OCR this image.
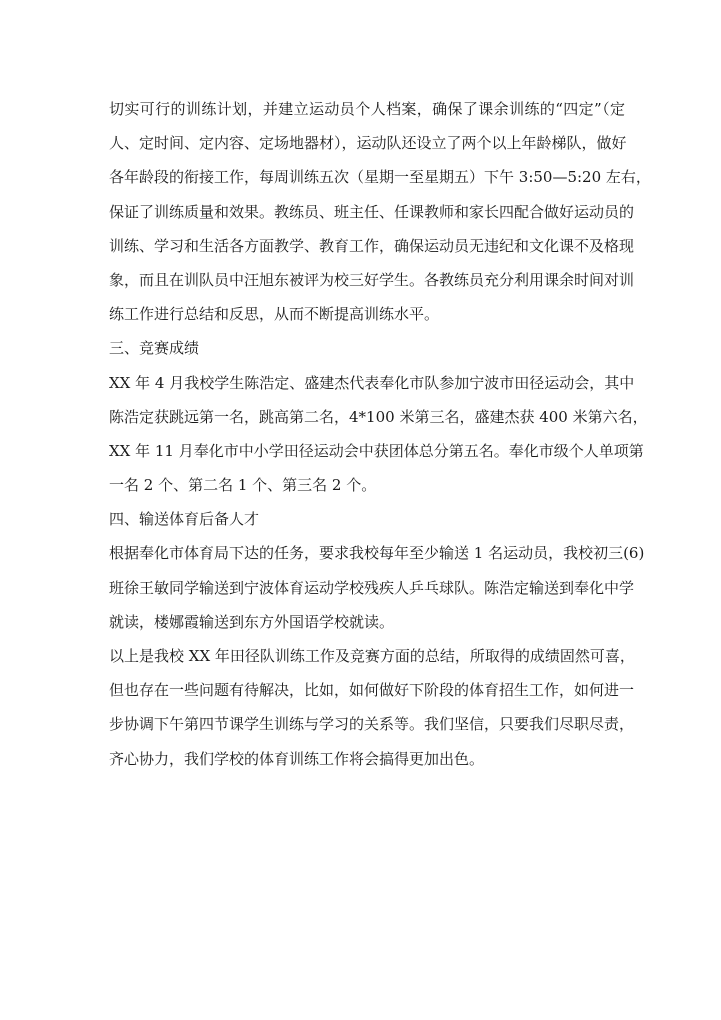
切实可行的训练计划，并建立运动员个人档案，确保了课余训练的“四定”（定
人、定时间、定内容、定场地器材），运动队还设立了两个以上年龄梯队，做好
各年龄段的衔接工作，每周训练五次（星期一至星期五）下午 3:50—5:20 左右，
保证了训练质量和效果。教练员、班主任、任课教师和家长四配合做好运动员的
训练、学习和生活各方面教学、教育工作，确保运动员无违纪和文化课不及格现
象，而且在训队员中汪旭东被评为校三好学生。各教练员充分利用课余时间对训
练工作进行总结和反思，从而不断提高训练水平。
三、竞赛成绩
XX 年 4 月我校学生陈浩定、盛建杰代表奉化市队参加宁波市田径运动会，其中
陈浩定获跳远第一名，跳高第二名，4*100 米第三名，盛建杰获 400 米第六名，
XX 年 11 月奉化市中小学田径运动会中获团体总分第五名。奉化市级个人单项第
一名 2 个、第二名 1 个、第三名 2 个。
四、输送体育后备人才
根据奉化市体育局下达的任务，要求我校每年至少输送 1 名运动员，我校初三(6)
班徐王敏同学输送到宁波体育运动学校残疾人乒乓球队。陈浩定输送到奉化中学
就读，楼娜霞输送到东方外国语学校就读。
以上是我校 XX 年田径队训练工作及竞赛方面的总结，所取得的成绩固然可喜，
但也存在一些问题有待解决，比如，如何做好下阶段的体育招生工作，如何进一
步协调下午第四节课学生训练与学习的关系等。我们坚信，只要我们尽职尽责，
齐心协力，我们学校的体育训练工作将会搞得更加出色。
